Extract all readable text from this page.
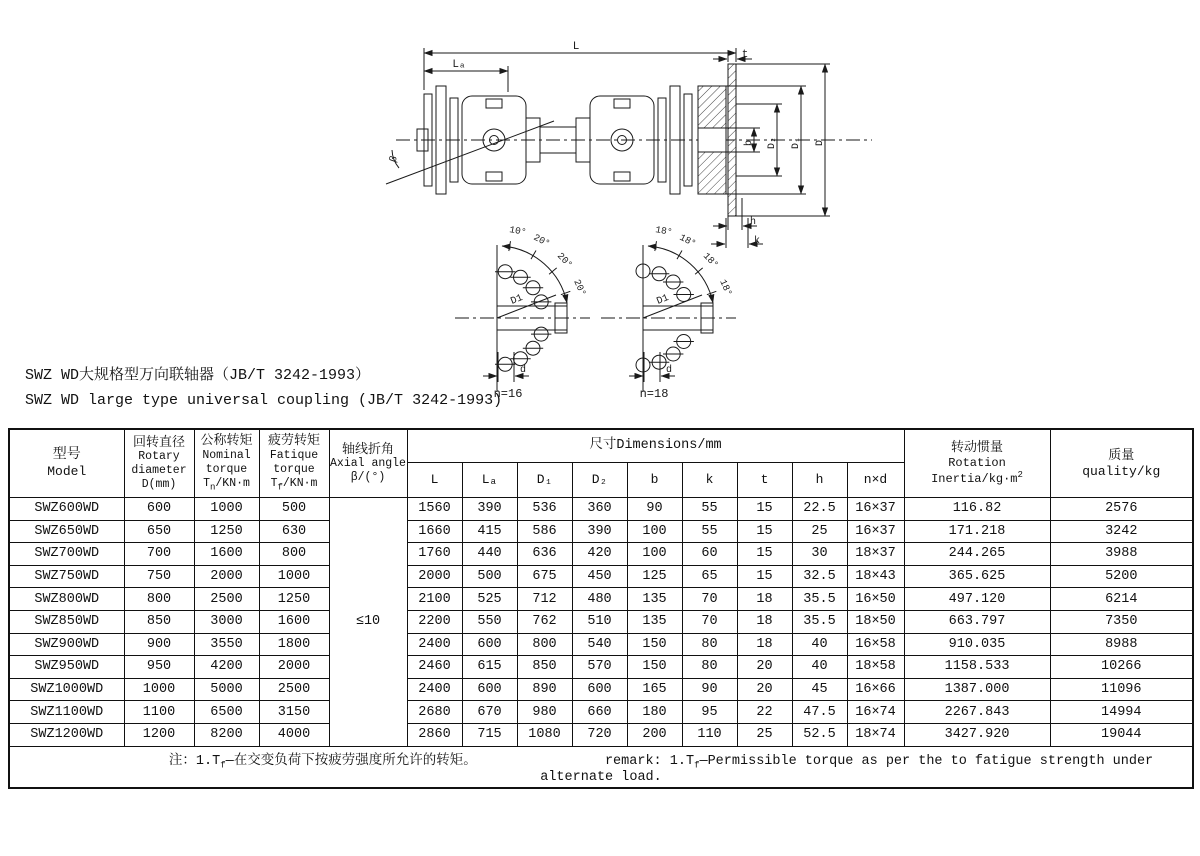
L
Lₐ
t
β
b D₂ D₁ D
h
k
10°
20°
20°
20°
D1
d
n=16
18°
18°
18°
18°
D1
d
n=18
SWZ WD大规格型万向联轴器（JB/T 3242-1993）
SWZ WD large type universal coupling (JB/T 3242-1993)
型号
Model	回转直径
Rotary
diameter
D(mm)	公称转矩
Nominal
torque
$T_n/KN\cdot m$	疲劳转矩
Fatique
torque
$T_f/KN\cdot m$	轴线折角
Axial angle
β/(°)	尺寸Dimensions/mm									转动惯量
Rotation Inertia/$kg\cdot m^2$	质量
quality/kg

					L	Lₐ	D₁	D₂	b	k	t	h	n×d		
SWZ600WD	600	1000	500	≤10	1560	390	536	360	90	55	15	22.5	16×37	116.82	2576
SWZ650WD	650	1250	630		1660	415	586	390	100	55	15	25	16×37	171.218	3242
SWZ700WD	700	1600	800		1760	440	636	420	100	60	15	30	18×37	244.265	3988
SWZ750WD	750	2000	1000		2000	500	675	450	125	65	15	32.5	18×43	365.625	5200
SWZ800WD	800	2500	1250		2100	525	712	480	135	70	18	35.5	16×50	497.120	6214
SWZ850WD	850	3000	1600		2200	550	762	510	135	70	18	35.5	18×50	663.797	7350
SWZ900WD	900	3550	1800		2400	600	800	540	150	80	18	40	16×58	910.035	8988
SWZ950WD	950	4200	2000		2460	615	850	570	150	80	20	40	18×58	1158.533	10266
SWZ1000WD	1000	5000	2500		2400	600	890	600	165	90	20	45	16×66	1387.000	11096
SWZ1100WD	1100	6500	3150		2680	670	980	660	180	95	22	47.5	16×74	2267.843	14994
SWZ1200WD	1200	8200	4000		2860	715	1080	720	200	110	25	52.5	18×74	3427.920	19044
注：$1.T_f—$在交变负荷下按疲劳强度所允许的转矩。 remark: $1.T_f—Permissible$ torque as per the to fatigue strength under alternate load.															
